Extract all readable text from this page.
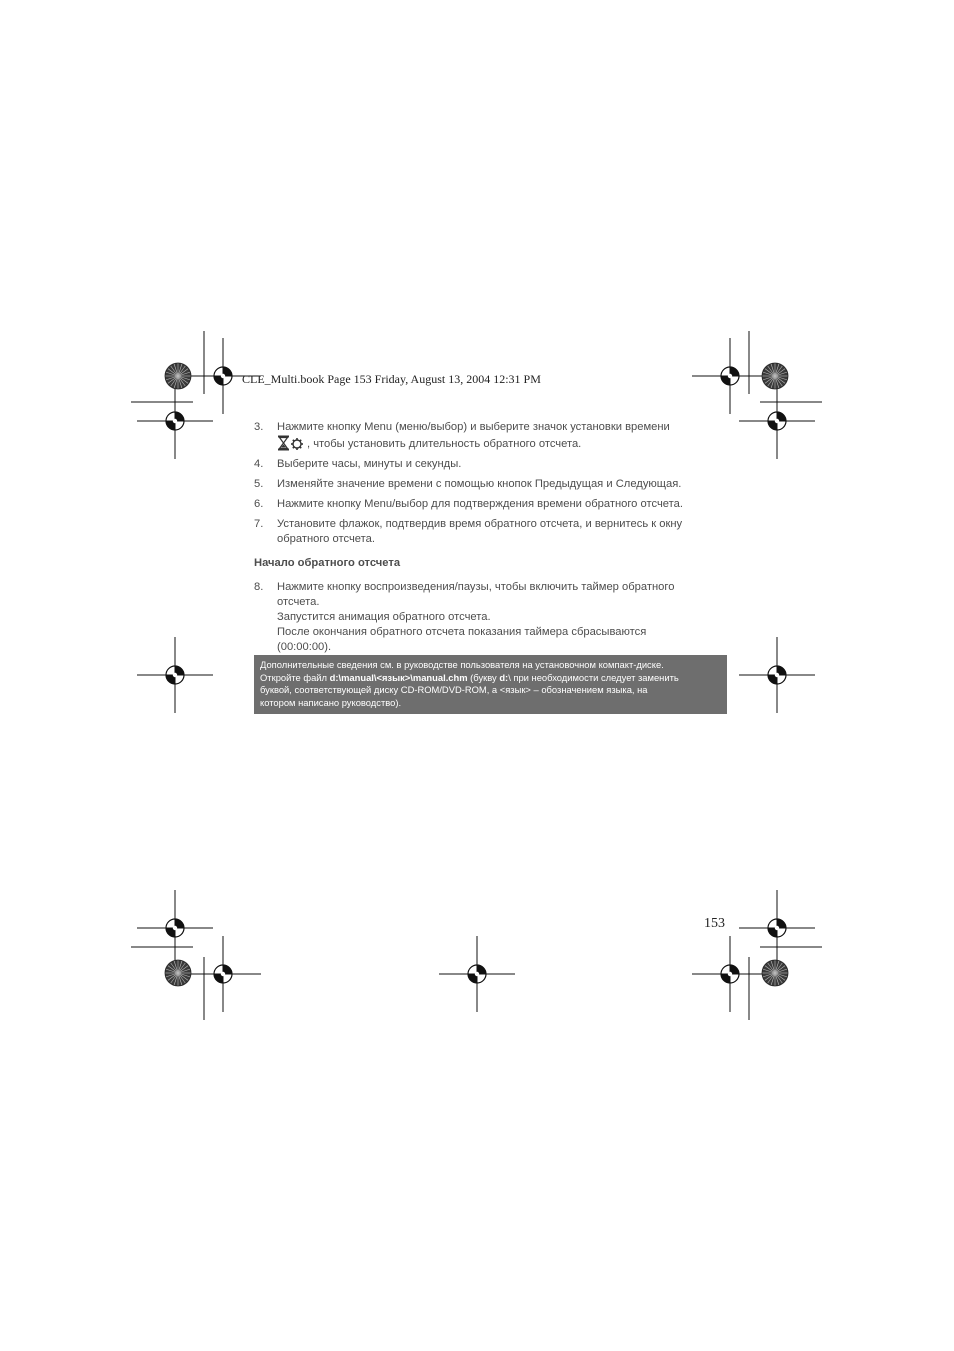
CLE_Multi.book Page 153 Friday, August 13, 2004 12:31 PM
3. Нажмите кнопку Menu (меню/выбор) и выберите значок установки времени
, чтобы установить длительность обратного отсчета.
4. Выберите часы, минуты и секунды.
5. Изменяйте значение времени с помощью кнопок Предыдущая и Следующая.
6. Нажмите кнопку Menu/выбор для подтверждения времени обратного отсчета.
7. Установите флажок, подтвердив время обратного отсчета, и вернитесь к окну
обратного отсчета.
Начало обратного отсчета
8. Нажмите кнопку воспроизведения/паузы, чтобы включить таймер обратного
отсчета.
Запустится анимация обратного отсчета.
После окончания обратного отсчета показания таймера сбрасываются
(00:00:00).
Дополнительные сведения см. в руководстве пользователя на установочном компакт-диске.
Откройте файл d:\manual\<язык>\manual.chm (букву d:\ при необходимости следует заменить
буквой, соответствующей диску CD-ROM/DVD-ROM, а <язык> – обозначением языка, на
котором написано руководство).
153
